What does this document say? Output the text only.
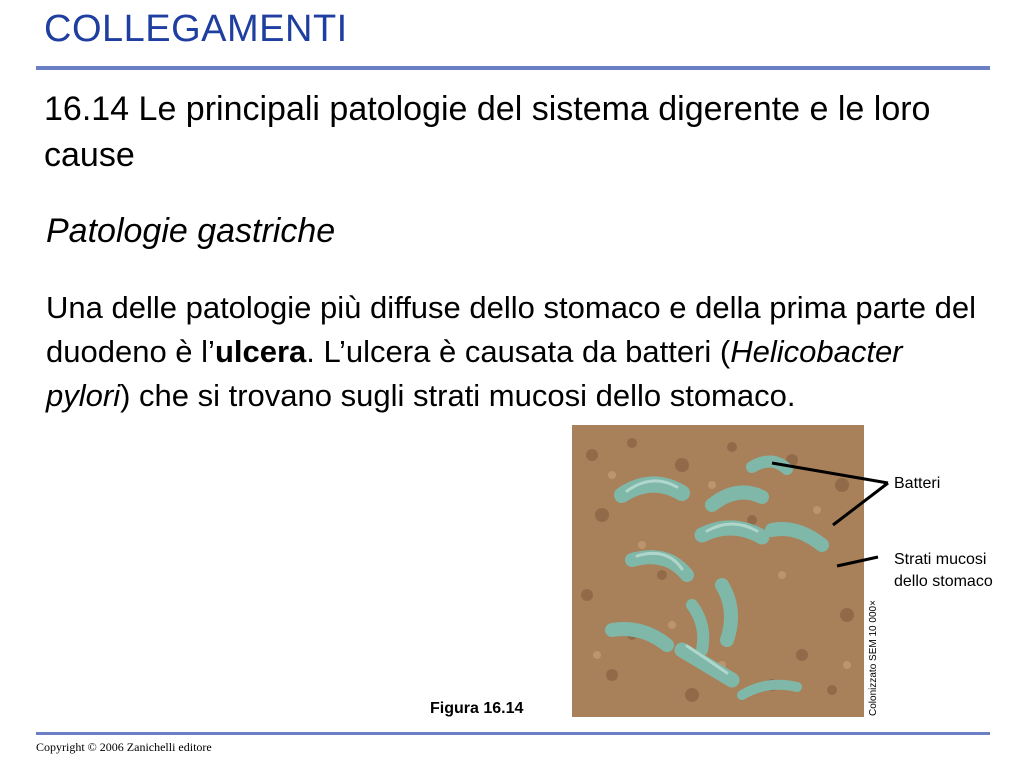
COLLEGAMENTI
16.14 Le principali patologie del sistema digerente e le loro cause
Patologie gastriche
Una delle patologie più diffuse dello stomaco e della prima parte del duodeno è l’ulcera. L’ulcera è causata da batteri (Helicobacter pylori) che si trovano sugli strati mucosi dello stomaco.
Batteri
Strati mucosi
dello stomaco
Colonizzato SEM 10 000×
Figura 16.14
Copyright © 2006 Zanichelli editore
